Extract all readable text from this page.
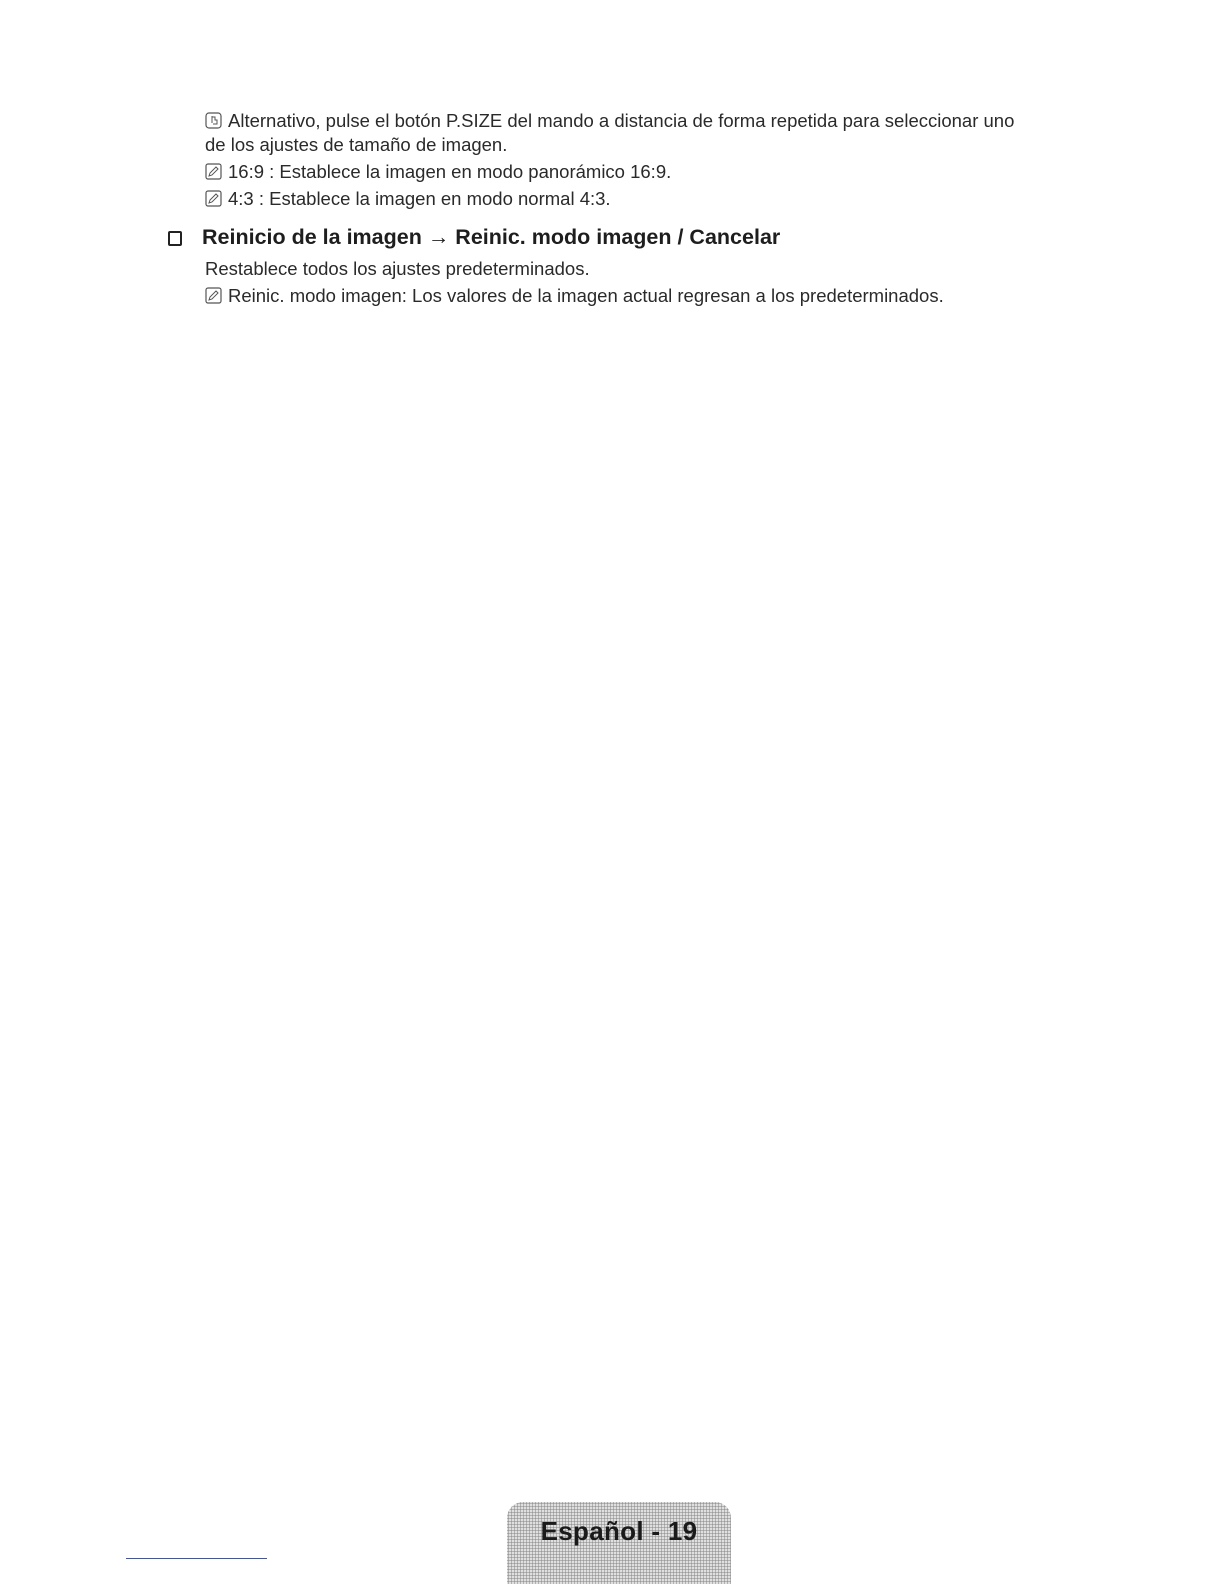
Alternativo, pulse el botón P.SIZE del mando a distancia de forma repetida para seleccionar uno
de los ajustes de tamaño de imagen.
16:9 : Establece la imagen en modo panorámico 16:9.
4:3 : Establece la imagen en modo normal 4:3.
Reinicio de la imagen → Reinic. modo imagen / Cancelar
Restablece todos los ajustes predeterminados.
Reinic. modo imagen: Los valores de la imagen actual regresan a los predeterminados.
Español - 19
